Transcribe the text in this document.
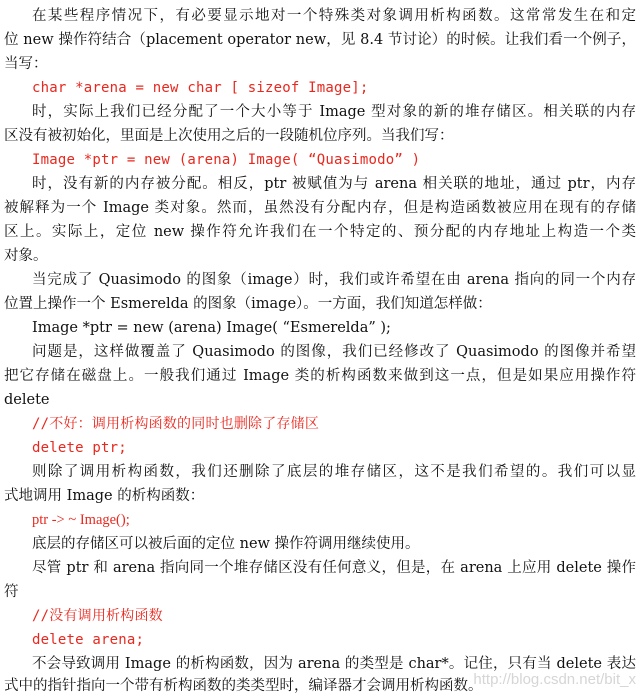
在某些程序情况下，有必要显示地对一个特殊类对象调用析构函数。这常常发生在和定
位 new 操作符结合（placement operator new，见 8.4 节讨论）的时候。让我们看一个例子，
当写：
char *arena = new char [ sizeof Image];
时，实际上我们已经分配了一个大小等于 Image 型对象的新的堆存储区。相关联的内存
区没有被初始化，里面是上次使用之后的一段随机位序列。当我们写：
Image *ptr = new (arena) Image( “Quasimodo” )
时，没有新的内存被分配。相反，ptr 被赋值为与 arena 相关联的地址，通过 ptr，内存
被解释为一个 Image 类对象。然而，虽然没有分配内存，但是构造函数被应用在现有的存储
区上。实际上，定位 new 操作符允许我们在一个特定的、预分配的内存地址上构造一个类
对象。
当完成了 Quasimodo 的图象（image）时，我们或许希望在由 arena 指向的同一个内存
位置上操作一个 Esmerelda 的图象（image）。一方面，我们知道怎样做：
Image *ptr = new (arena) Image( “Esmerelda” );
问题是，这样做覆盖了 Quasimodo 的图像，我们已经修改了 Quasimodo 的图像并希望
把它存储在磁盘上。一般我们通过 Image 类的析构函数来做到这一点，但是如果应用操作符
delete
//不好：调用析构函数的同时也删除了存储区
delete ptr;
则除了调用析构函数，我们还删除了底层的堆存储区，这不是我们希望的。我们可以显
式地调用 Image 的析构函数：
ptr -> ~ Image();
底层的存储区可以被后面的定位 new 操作符调用继续使用。
尽管 ptr 和 arena 指向同一个堆存储区没有任何意义，但是，在 arena 上应用 delete 操作
符
//没有调用析构函数
delete arena;
不会导致调用 Image 的析构函数，因为 arena 的类型是 char*。记住，只有当 delete 表达
式中的指针指向一个带有析构函数的类类型时，编译器才会调用析构函数。
http://blog.csdn.net/bit_x
